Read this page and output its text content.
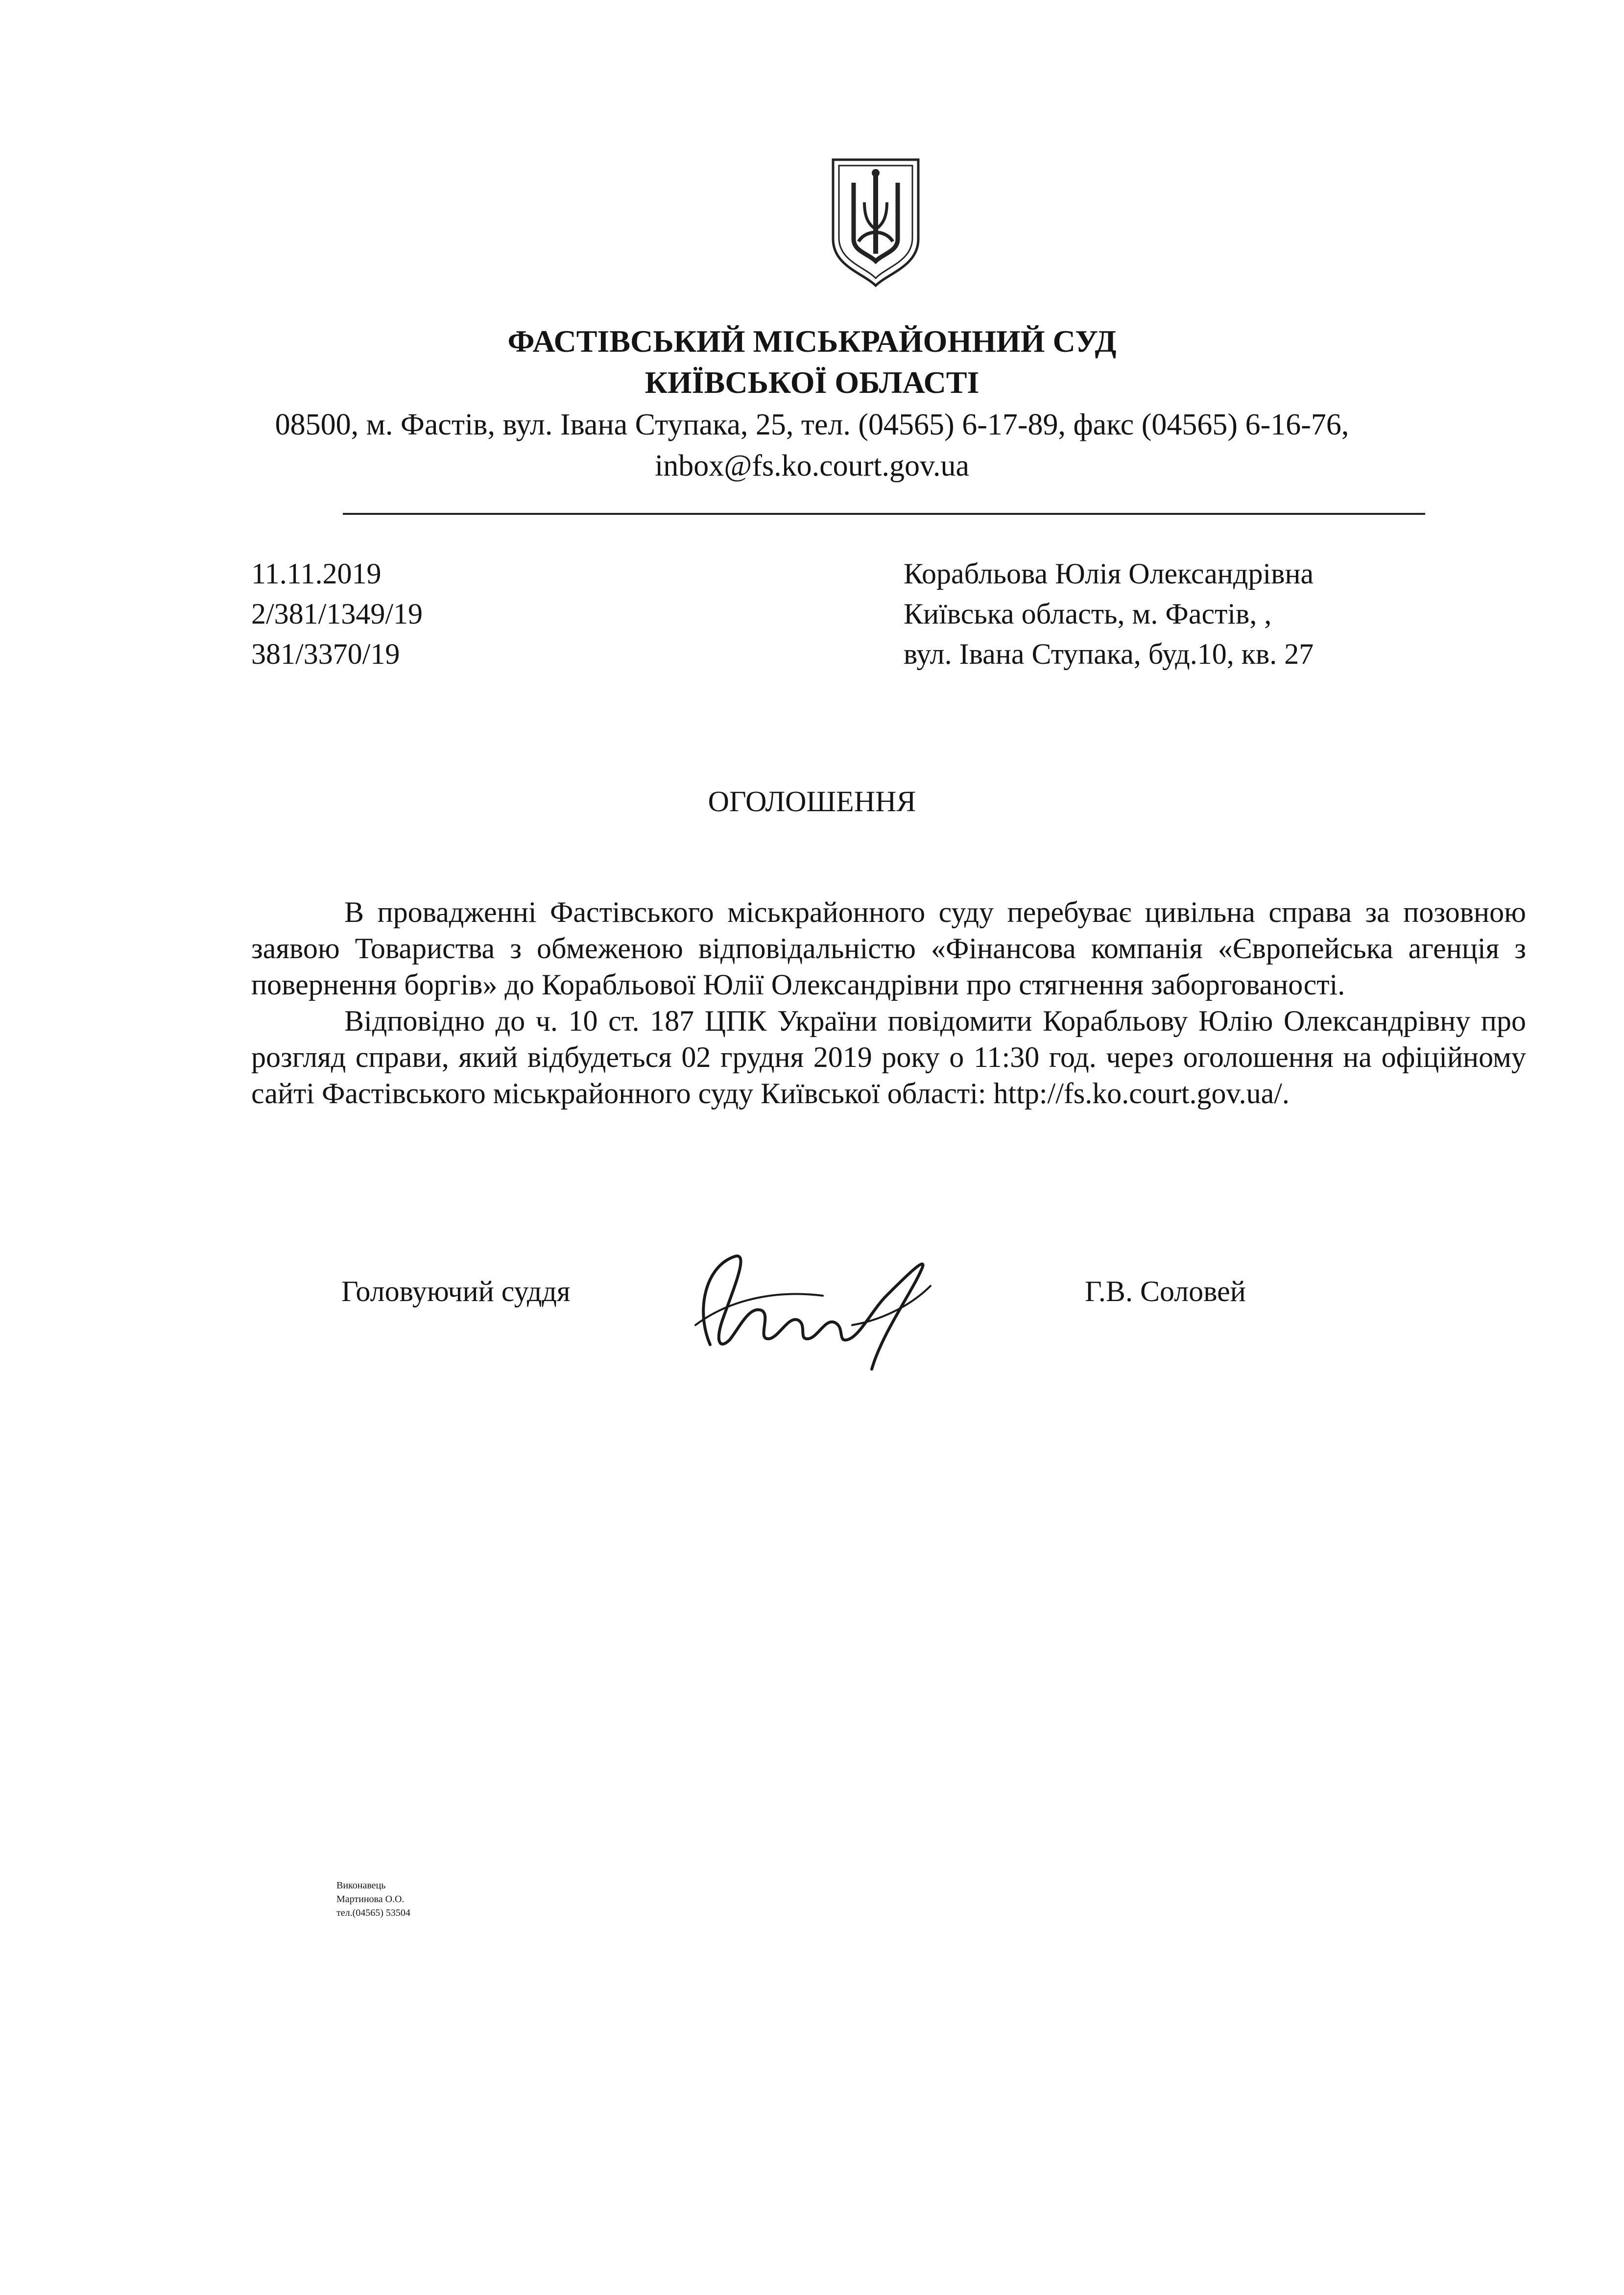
ФАСТІВСЬКИЙ МІСЬКРАЙОННИЙ СУД
КИЇВСЬКОЇ ОБЛАСТІ
08500, м. Фастів, вул. Івана Ступака, 25, тел. (04565) 6-17-89, факс (04565) 6-16-76,
inbox@fs.ko.court.gov.ua
11.11.2019
2/381/1349/19
381/3370/19
Корабльова Юлія Олександрівна
Київська область, м. Фастів, ,
вул. Івана Ступака, буд.10, кв. 27
ОГОЛОШЕННЯ

В провадженні Фастівського міськрайонного суду перебуває цивільна справа за позовною заявою Товариства з обмеженою відповідальністю «Фінансова компанія «Європейська агенція з повернення боргів» до Корабльової Юлії Олександрівни про стягнення заборгованості.

Відповідно до ч. 10 ст. 187 ЦПК України повідомити Корабльову Юлію Олександрівну про розгляд справи, який відбудеться 02 грудня 2019 року о 11:30 год. через оголошення на офіційному сайті Фастівського міськрайонного суду Київської області: http://fs.ko.court.gov.ua/.

Головуючий суддя	Г.В. Соловей
Виконавець
Мартинова О.О.
тел.(04565) 53504
